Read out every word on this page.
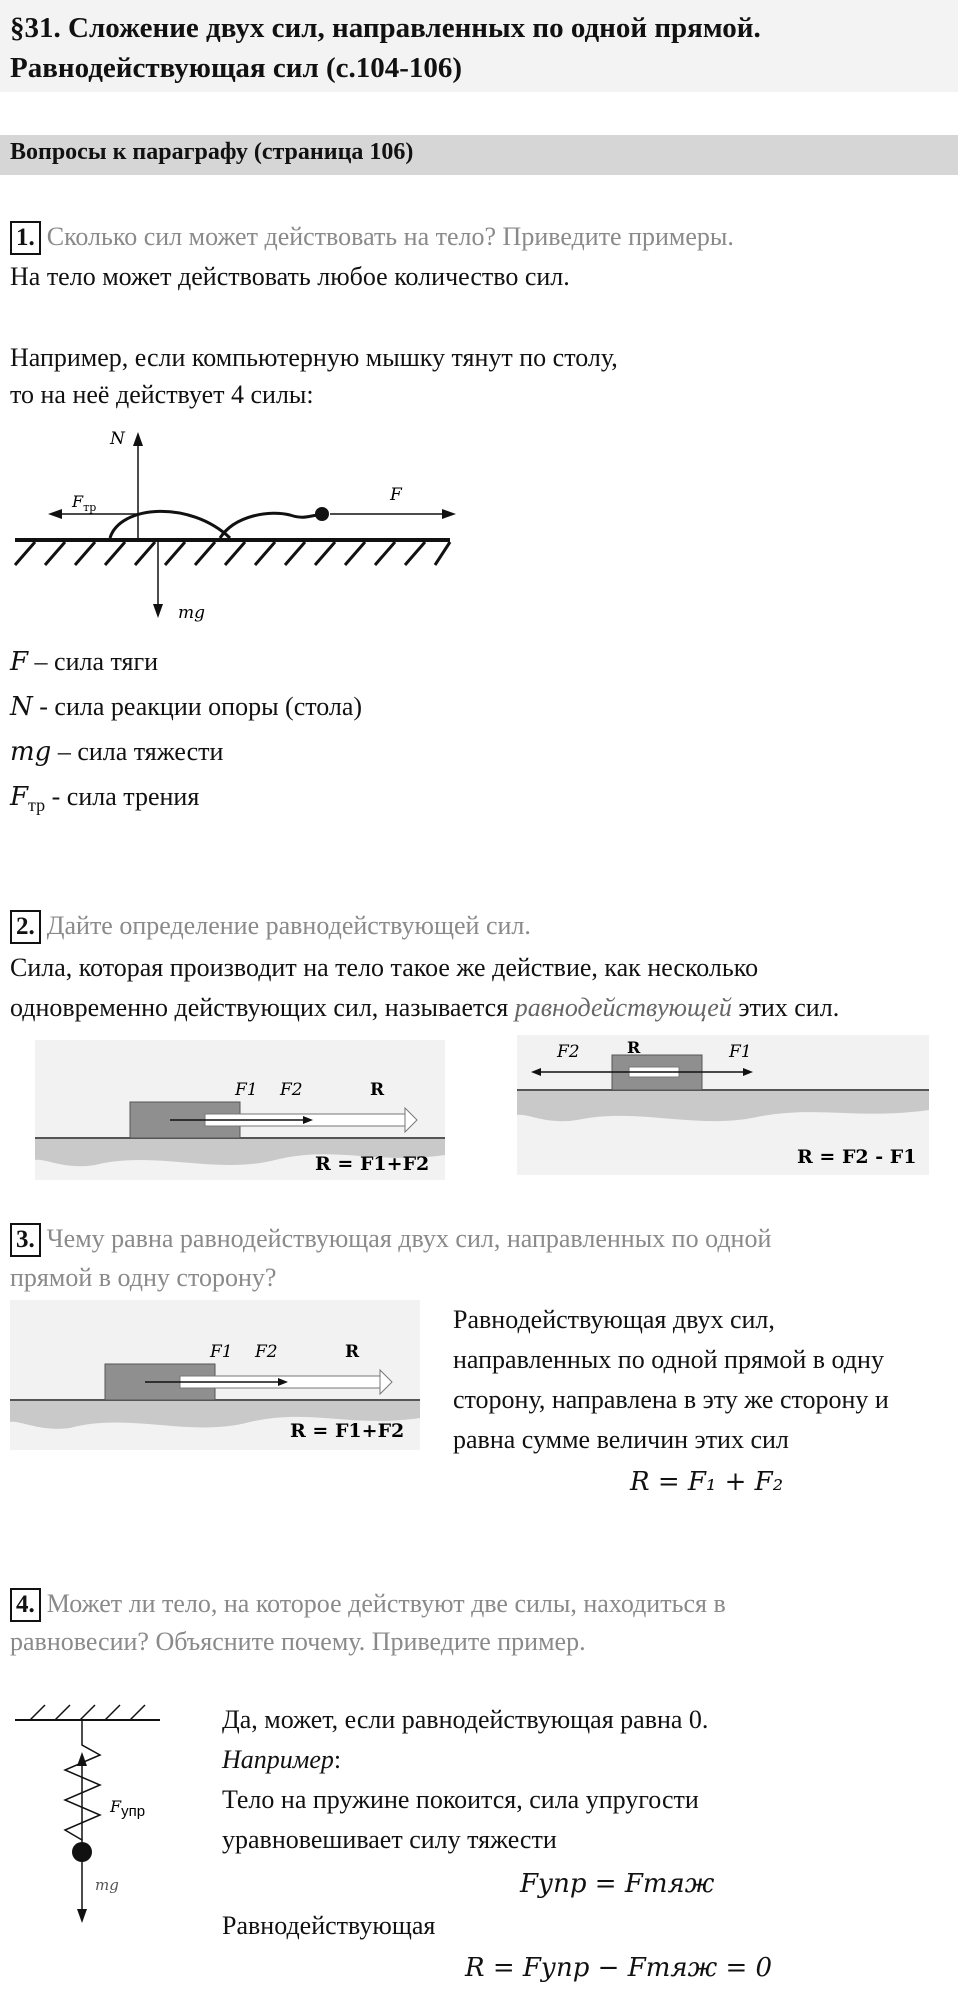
§31. Сложение двух сил, направленных по одной прямой.
Равнодействующая сил (с.104-106)
Вопросы к параграфу (страница 106)
1. Сколько сил может действовать на тело? Приведите примеры.
На тело может действовать любое количество сил.
Например, если компьютерную мышку тянут по столу,
то на неё действует 4 силы:
N
$F_{тр}$
F
mg
F – сила тяги
N - сила реакции опоры (стола)
mg – сила тяжести
$F_{тр}$ - сила трения
2. Дайте определение равнодействующей сил.
Сила, которая производит на тело такое же действие, как несколько
одновременно действующих сил, называется равнодействующей этих сил.
F1 F2	R
R = F1+F2
F2	R	F1
R = F2 - F1
3. Чему равна равнодействующая двух сил, направленных по одной
прямой в одну сторону?
F1 F2	R
R = F1+F2
Равнодействующая двух сил,
направленных по одной прямой в одну
сторону, направлена в эту же сторону и
равна сумме величин этих сил
R = F₁ + F₂
4. Может ли тело, на которое действуют две силы, находиться в
равновесии? Объясните почему. Приведите пример.
Fупр
mg
Да, может, если равнодействующая равна 0.
Например:
Тело на пружине покоится, сила упругости
уравновешивает силу тяжести
Fупр = Fтяж
Равнодействующая
R = Fупр − Fтяж = 0
